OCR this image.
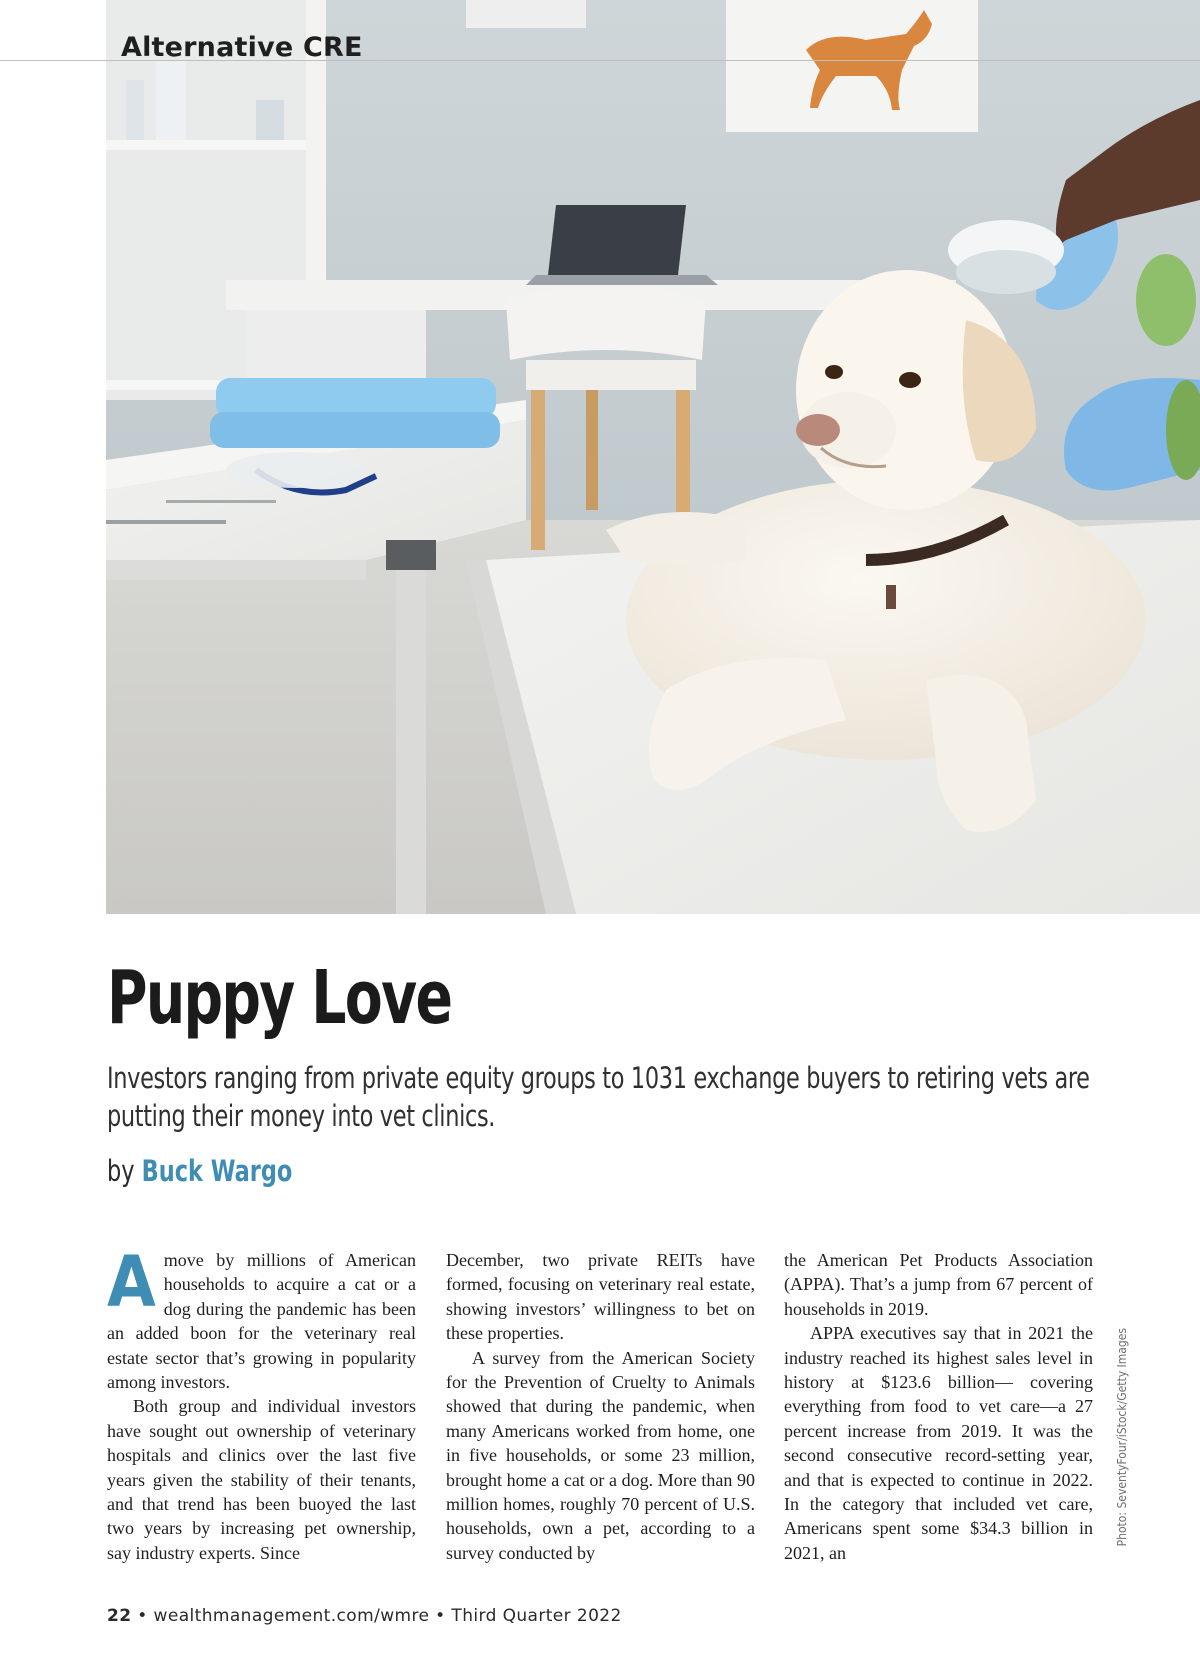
Alternative CRE
Photo: SeventyFour/iStock/Getty Images
Puppy Love

Investors ranging from private equity groups to 1031 exchange buyers to retiring vets are putting their money into vet clinics.

by Buck Wargo

Amove by millions of American households to acquire a cat or a dog during the pandemic has been an added boon for the veterinary real estate sector that’s growing in popularity among investors.

Both group and individual investors have sought out ownership of veterinary hospitals and clinics over the last five years given the stability of their tenants, and that trend has been buoyed the last two years by increasing pet ownership, say industry experts. Since

December, two private REITs have formed, focusing on veterinary real estate, showing investors’ willingness to bet on these properties.

A survey from the American Society for the Prevention of Cruelty to Animals showed that during the pandemic, when many Americans worked from home, one in five households, or some 23 million, brought home a cat or a dog. More than 90 million homes, roughly 70 percent of U.S. households, own a pet, according to a survey conducted by

the American Pet Products Association (APPA). That’s a jump from 67 percent of households in 2019.

APPA executives say that in 2021 the industry reached its highest sales level in history at $123.6 billion— covering everything from food to vet care—a 27 percent increase from 2019. It was the second consecutive record-setting year, and that is expected to continue in 2022. In the category that included vet care, Americans spent some $34.3 billion in 2021, an

22 • wealthmanagement.com/wmre • Third Quarter 2022
